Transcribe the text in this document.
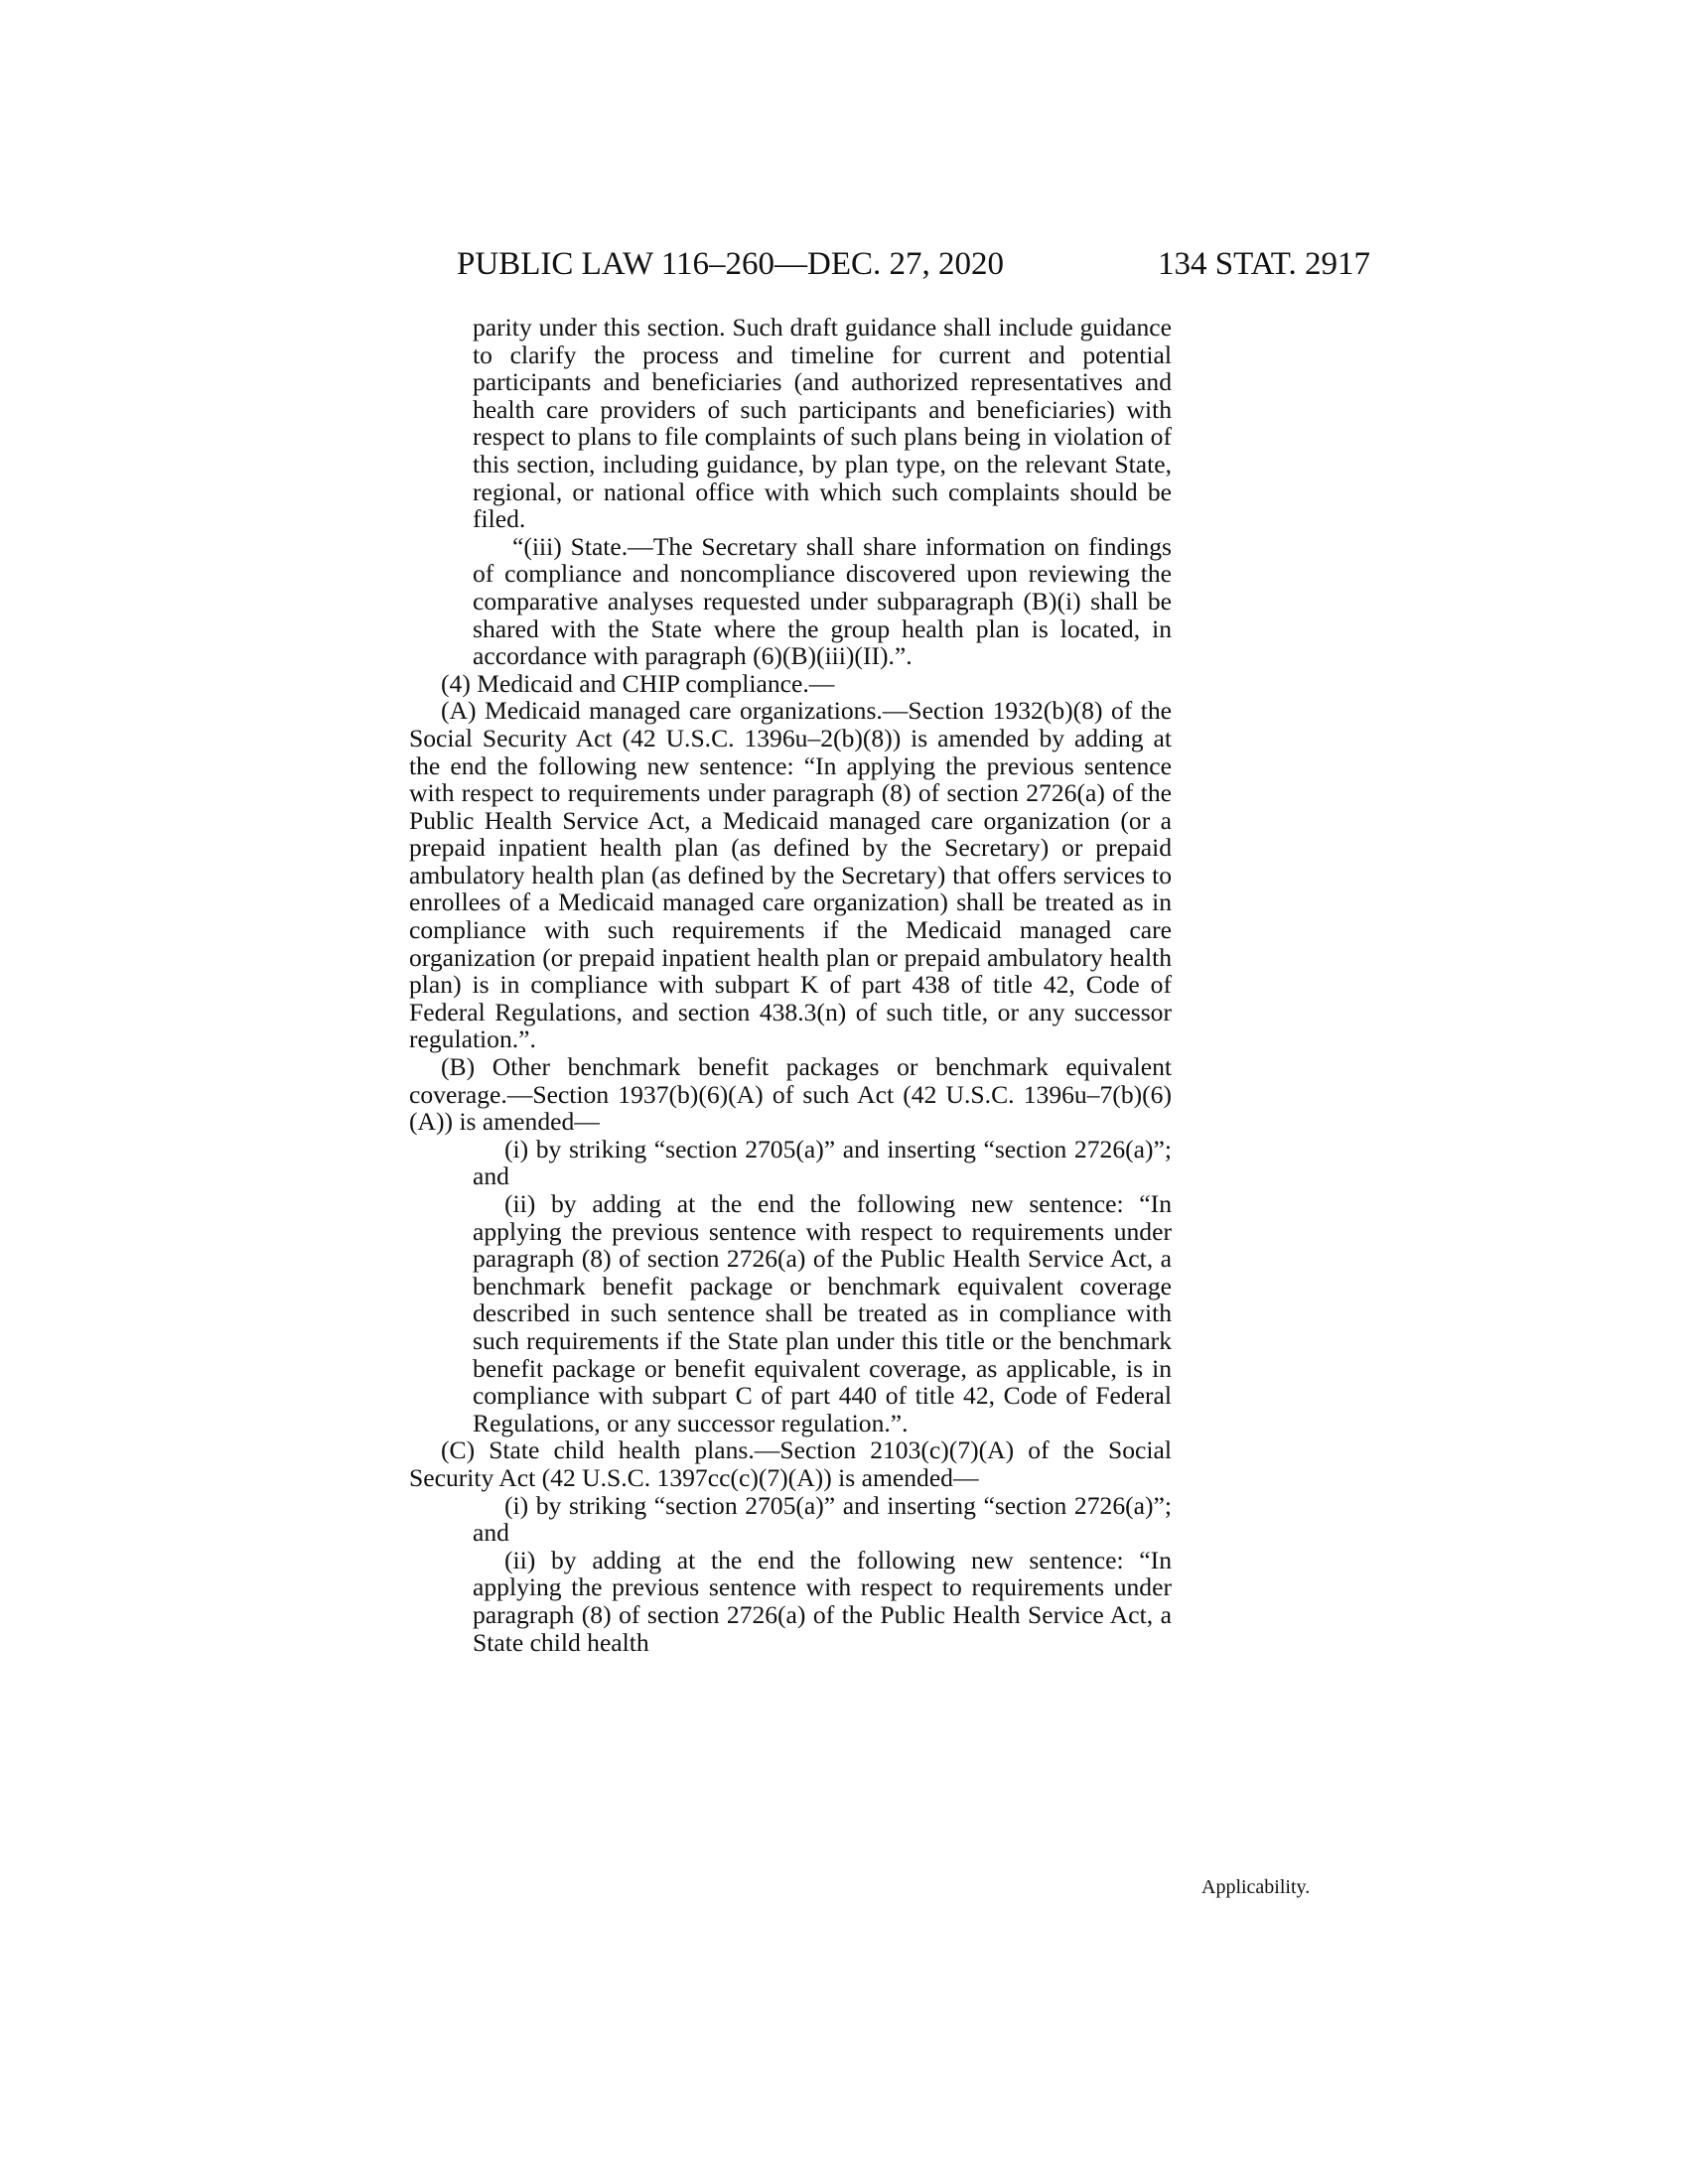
PUBLIC LAW 116–260—DEC. 27, 2020	134 STAT. 2917

parity under this section. Such draft guidance shall include guidance to clarify the process and timeline for current and potential participants and beneficiaries (and authorized representatives and health care providers of such participants and beneficiaries) with respect to plans to file complaints of such plans being in violation of this section, including guidance, by plan type, on the relevant State, regional, or national office with which such complaints should be filed.

“(iii) State.—The Secretary shall share information on findings of compliance and noncompliance discovered upon reviewing the comparative analyses requested under subparagraph (B)(i) shall be shared with the State where the group health plan is located, in accordance with paragraph (6)(B)(iii)(II).”.

(4) Medicaid and CHIP compliance.—

(A) Medicaid managed care organizations.—Section 1932(b)(8) of the Social Security Act (42 U.S.C. 1396u–2(b)(8)) is amended by adding at the end the following new sentence: “In applying the previous sentence with respect to requirements under paragraph (8) of section 2726(a) of the Public Health Service Act, a Medicaid managed care organization (or a prepaid inpatient health plan (as defined by the Secretary) or prepaid ambulatory health plan (as defined by the Secretary) that offers services to enrollees of a Medicaid managed care organization) shall be treated as in compliance with such requirements if the Medicaid managed care organization (or prepaid inpatient health plan or prepaid ambulatory health plan) is in compliance with subpart K of part 438 of title 42, Code of Federal Regulations, and section 438.3(n) of such title, or any successor regulation.”.

(B) Other benchmark benefit packages or benchmark equivalent coverage.—Section 1937(b)(6)(A) of such Act (42 U.S.C. 1396u–7(b)(6)(A)) is amended—

(i) by striking “section 2705(a)” and inserting “section 2726(a)”; and

(ii) by adding at the end the following new sentence: “In applying the previous sentence with respect to requirements under paragraph (8) of section 2726(a) of the Public Health Service Act, a benchmark benefit package or benchmark equivalent coverage described in such sentence shall be treated as in compliance with such requirements if the State plan under this title or the benchmark benefit package or benefit equivalent coverage, as applicable, is in compliance with subpart C of part 440 of title 42, Code of Federal Regulations, or any successor regulation.”.

(C) State child health plans.—Section 2103(c)(7)(A) of the Social Security Act (42 U.S.C. 1397cc(c)(7)(A)) is amended—

(i) by striking “section 2705(a)” and inserting “section 2726(a)”; and

(ii) by adding at the end the following new sentence: “In applying the previous sentence with respect to requirements under paragraph (8) of section 2726(a) of the Public Health Service Act, a State child health

Applicability.
